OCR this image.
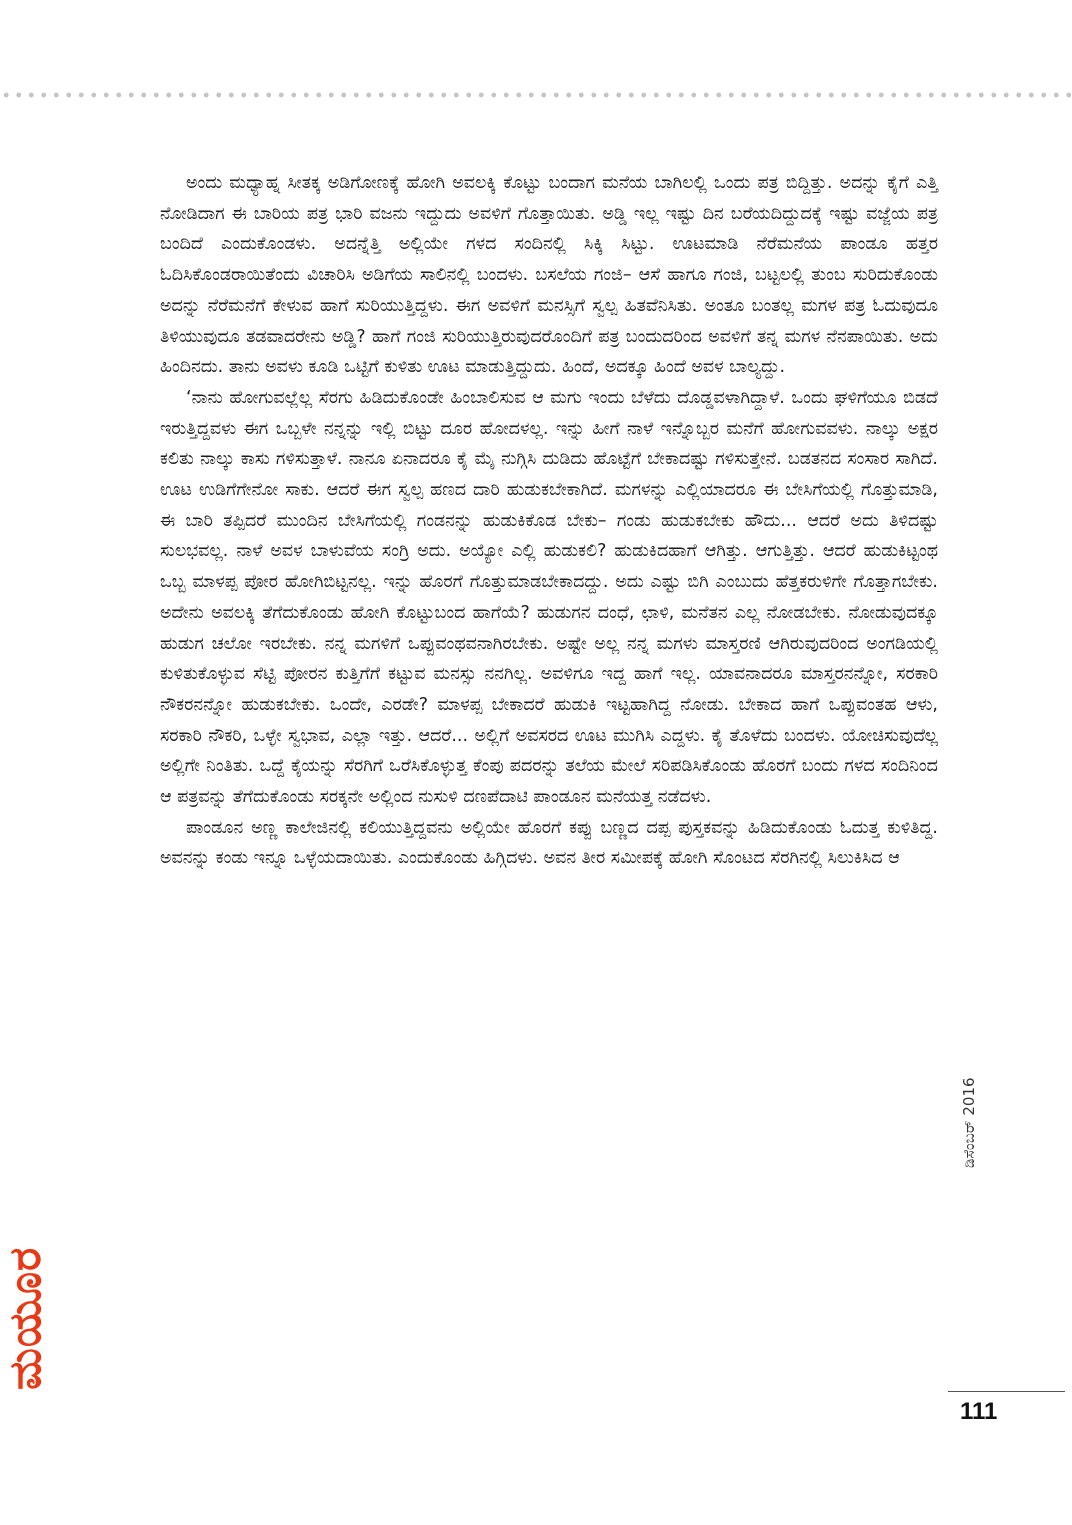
ಅಂದು ಮಧ್ಯಾಹ್ನ ಸೀತಕ್ಕ ಅಡಿಗೋಣಕ್ಕೆ ಹೋಗಿ ಅವಲಕ್ಕಿ ಕೊಟ್ಟು ಬಂದಾಗ ಮನೆಯ ಬಾಗಿಲಲ್ಲಿ ಒಂದು ಪತ್ರ ಬಿದ್ದಿತ್ತು. ಅದನ್ನು ಕೈಗೆ ಎತ್ತಿ ನೋಡಿದಾಗ ಈ ಬಾರಿಯ ಪತ್ರ ಭಾರಿ ವಜನು ಇದ್ದುದು ಅವಳಿಗೆ ಗೊತ್ತಾಯಿತು. ಅಡ್ಡಿ ಇಲ್ಲ ಇಷ್ಟು ದಿನ ಬರೆಯದಿದ್ದುದಕ್ಕೆ ಇಷ್ಟು ವಜ್ಜೆಯ ಪತ್ರ ಬಂದಿದೆ ಎಂದುಕೊಂಡಳು. ಅದನ್ನೆತ್ತಿ ಅಲ್ಲಿಯೇ ಗಳದ ಸಂದಿನಲ್ಲಿ ಸಿಕ್ಕಿ ಸಿಟ್ಟು. ಊಟಮಾಡಿ ನೆರೆಮನೆಯ ಪಾಂಡೂ ಹತ್ತರ ಓದಿಸಿಕೊಂಡರಾಯಿತೆಂದು ವಿಚಾರಿಸಿ ಅಡಿಗೆಯ ಸಾಲಿನಲ್ಲಿ ಬಂದಳು. ಬಸಲೆಯ ಗಂಜಿ– ಆಸೆ ಹಾಗೂ ಗಂಜಿ, ಬಟ್ಟಲಲ್ಲಿ ತುಂಬ ಸುರಿದುಕೊಂಡು ಅದನ್ನು ನೆರೆಮನೆಗೆ ಕೇಳುವ ಹಾಗೆ ಸುರಿಯುತ್ತಿದ್ದಳು. ಈಗ ಅವಳಿಗೆ ಮನಸ್ಸಿಗೆ ಸ್ವಲ್ಪ ಹಿತವೆನಿಸಿತು. ಅಂತೂ ಬಂತಲ್ಲ ಮಗಳ ಪತ್ರ ಓದುವುದೂ ತಿಳಿಯುವುದೂ ತಡವಾದರೇನು ಅಡ್ಡಿ? ಹಾಗೆ ಗಂಜಿ ಸುರಿಯುತ್ತಿರುವುದರೊಂದಿಗೆ ಪತ್ರ ಬಂದುದರಿಂದ ಅವಳಿಗೆ ತನ್ನ ಮಗಳ ನೆನಪಾಯಿತು. ಅದು ಹಿಂದಿನದು. ತಾನು ಅವಳು ಕೂಡಿ ಒಟ್ಟಿಗೆ ಕುಳಿತು ಊಟ ಮಾಡುತ್ತಿದ್ದುದು. ಹಿಂದೆ, ಅದಕ್ಕೂ ಹಿಂದೆ ಅವಳ ಬಾಲ್ಯದ್ದು.

‘ನಾನು ಹೋಗುವಲ್ಲೆಲ್ಲ ಸೆರಗು ಹಿಡಿದುಕೊಂಡೇ ಹಿಂಬಾಲಿಸುವ ಆ ಮಗು ಇಂದು ಬೆಳೆದು ದೊಡ್ಡವಳಾಗಿದ್ದಾಳೆ. ಒಂದು ಘಳಿಗೆಯೂ ಬಿಡದೆ ಇರುತ್ತಿದ್ದವಳು ಈಗ ಒಬ್ಬಳೇ ನನ್ನನ್ನು ಇಲ್ಲಿ ಬಿಟ್ಟು ದೂರ ಹೋದಳಲ್ಲ. ಇನ್ನು ಹೀಗೆ ನಾಳೆ ಇನ್ನೊಬ್ಬರ ಮನೆಗೆ ಹೋಗುವವಳು. ನಾಲ್ಕು ಅಕ್ಷರ ಕಲಿತು ನಾಲ್ಕು ಕಾಸು ಗಳಿಸುತ್ತಾಳೆ. ನಾನೂ ಏನಾದರೂ ಕೈ ಮೈ ನುಗ್ಗಿಸಿ ದುಡಿದು ಹೊಟ್ಟೆಗೆ ಬೇಕಾದಷ್ಟು ಗಳಿಸುತ್ತೇನೆ. ಬಡತನದ ಸಂಸಾರ ಸಾಗಿದೆ. ಊಟ ಉಡಿಗೆಗೇನೋ ಸಾಕು. ಆದರೆ ಈಗ ಸ್ವಲ್ಪ ಹಣದ ದಾರಿ ಹುಡುಕಬೇಕಾಗಿದೆ. ಮಗಳನ್ನು ಎಲ್ಲಿಯಾದರೂ ಈ ಬೇಸಿಗೆಯಲ್ಲಿ ಗೊತ್ತುಮಾಡಿ, ಈ ಬಾರಿ ತಪ್ಪಿದರೆ ಮುಂದಿನ ಬೇಸಿಗೆಯಲ್ಲಿ ಗಂಡನನ್ನು ಹುಡುಕಿಕೊಡ ಬೇಕು– ಗಂಡು ಹುಡುಕಬೇಕು ಹೌದು... ಆದರೆ ಅದು ತಿಳಿದಷ್ಟು ಸುಲಭವಲ್ಲ. ನಾಳೆ ಅವಳ ಬಾಳುವೆಯ ಸಂಗ್ರಿ ಅದು. ಅಯ್ಯೋ ಎಲ್ಲಿ ಹುಡುಕಲಿ? ಹುಡುಕಿದಹಾಗೆ ಆಗಿತ್ತು. ಆಗುತ್ತಿತ್ತು. ಆದರೆ ಹುಡುಕಿಟ್ಟಂಥ ಒಬ್ಬ ಮಾಳಪ್ಪ ಪೋರ ಹೋಗಿಬಿಟ್ಟನಲ್ಲ. ಇನ್ನು ಹೊರಗೆ ಗೊತ್ತುಮಾಡಬೇಕಾದದ್ದು. ಅದು ಎಷ್ಟು ಬಿಗಿ ಎಂಬುದು ಹೆತ್ತಕರುಳಿಗೇ ಗೊತ್ತಾಗಬೇಕು. ಅದೇನು ಅವಲಕ್ಕಿ ತೆಗೆದುಕೊಂಡು ಹೋಗಿ ಕೊಟ್ಟುಬಂದ ಹಾಗೆಯೆ? ಹುಡುಗನ ದಂಧೆ, ಛಾಳಿ, ಮನೆತನ ಎಲ್ಲ ನೋಡಬೇಕು. ನೋಡುವುದಕ್ಕೂ ಹುಡುಗ ಚಲೋ ಇರಬೇಕು. ನನ್ನ ಮಗಳಿಗೆ ಒಪ್ಪುವಂಥವನಾಗಿರಬೇಕು. ಅಷ್ಟೇ ಅಲ್ಲ ನನ್ನ ಮಗಳು ಮಾಸ್ತರಣಿ ಆಗಿರುವುದರಿಂದ ಅಂಗಡಿಯಲ್ಲಿ ಕುಳಿತುಕೊಳ್ಳುವ ಸೆಟ್ಟಿ ಪೋರನ ಕುತ್ತಿಗೆಗೆ ಕಟ್ಟುವ ಮನಸ್ಸು ನನಗಿಲ್ಲ. ಅವಳಿಗೂ ಇದ್ದ ಹಾಗೆ ಇಲ್ಲ. ಯಾವನಾದರೂ ಮಾಸ್ತರನನ್ನೋ, ಸರಕಾರಿ ನೌಕರನನ್ನೋ ಹುಡುಕಬೇಕು. ಒಂದೇ, ಎರಡೇ? ಮಾಳಪ್ಪ ಬೇಕಾದರೆ ಹುಡುಕಿ ಇಟ್ಟಹಾಗಿದ್ದ ನೋಡು. ಬೇಕಾದ ಹಾಗೆ ಒಪ್ಪುವಂತಹ ಆಳು, ಸರಕಾರಿ ನೌಕರಿ, ಒಳ್ಳೇ ಸ್ವಭಾವ, ಎಲ್ಲಾ ಇತ್ತು. ಆದರೆ... ಅಲ್ಲಿಗೆ ಅವಸರದ ಊಟ ಮುಗಿಸಿ ಎದ್ದಳು. ಕೈ ತೊಳೆದು ಬಂದಳು. ಯೋಚಿಸುವುದೆಲ್ಲ ಅಲ್ಲಿಗೇ ನಿಂತಿತು. ಒದ್ದೆ ಕೈಯನ್ನು ಸೆರಗಿಗೆ ಒರೆಸಿಕೊಳ್ಳುತ್ತ ಕೆಂಪು ಪದರನ್ನು ತಲೆಯ ಮೇಲೆ ಸರಿಪಡಿಸಿಕೊಂಡು ಹೊರಗೆ ಬಂದು ಗಳದ ಸಂದಿನಿಂದ ಆ ಪತ್ರವನ್ನು ತೆಗೆದುಕೊಂಡು ಸರಕ್ಕನೇ ಅಲ್ಲಿಂದ ನುಸುಳಿ ದಣಪೆದಾಟಿ ಪಾಂಡೂನ ಮನೆಯತ್ತ ನಡೆದಳು.

ಪಾಂಡೂನ ಅಣ್ಣ ಕಾಲೇಜಿನಲ್ಲಿ ಕಲಿಯುತ್ತಿದ್ದವನು ಅಲ್ಲಿಯೇ ಹೊರಗೆ ಕಪ್ಪು ಬಣ್ಣದ ದಪ್ಪ ಪುಸ್ತಕವನ್ನು ಹಿಡಿದುಕೊಂಡು ಓದುತ್ತ ಕುಳಿತಿದ್ದ. ಅವನನ್ನು ಕಂಡು ಇನ್ನೂ ಒಳ್ಳೆಯದಾಯಿತು. ಎಂದುಕೊಂಡು ಹಿಗ್ಗಿದಳು. ಅವನ ತೀರ ಸಮೀಪಕ್ಕೆ ಹೋಗಿ ಸೊಂಟದ ಸೆರಗಿನಲ್ಲಿ ಸಿಲುಕಿಸಿದ ಆ

ಮಯೂರ
ಡಿಸೆಂಬರ್ 2016
111
